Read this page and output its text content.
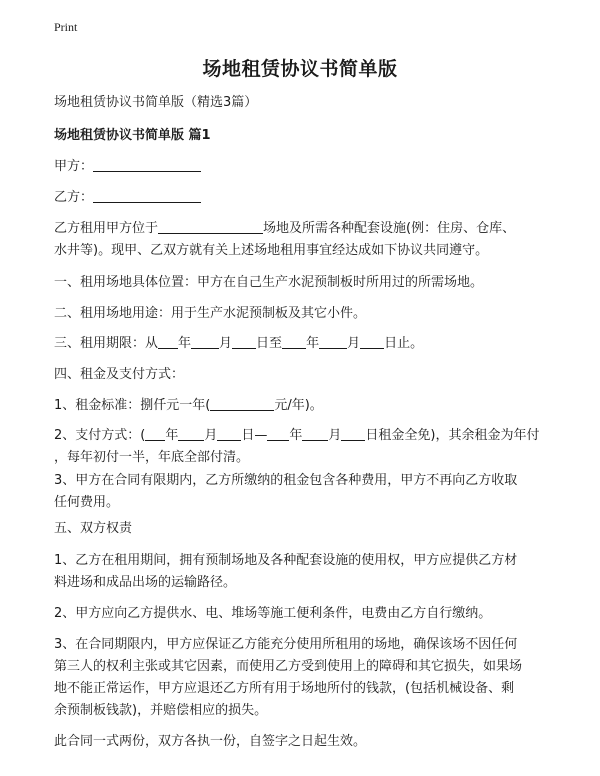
Print
场地租赁协议书简单版
场地租赁协议书简单版（精选3篇）
场地租赁协议书简单版 篇1
甲方：
乙方：
乙方租用甲方位于	场地及所需各种配套设施(例：住房、仓库、
水井等)。现甲、乙双方就有关上述场地租用事宜经达成如下协议共同遵守。
一、租用场地具体位置：甲方在自己生产水泥预制板时所用过的所需场地。
二、租用场地用途：用于生产水泥预制板及其它小件。
三、租用期限：从 年 月 日至 年 月 日止。
四、租金及支付方式：
1、租金标准：捌仟元一年(	元/年)。
2、支付方式：( 年 月 日— 年 月 日租金全免)，其余租金为年付
，每年初付一半，年底全部付清。
3、甲方在合同有限期内，乙方所缴纳的租金包含各种费用，甲方不再向乙方收取
任何费用。
五、双方权责
1、乙方在租用期间，拥有预制场地及各种配套设施的使用权，甲方应提供乙方材
料进场和成品出场的运输路径。
2、甲方应向乙方提供水、电、堆场等施工便利条件，电费由乙方自行缴纳。
3、在合同期限内，甲方应保证乙方能充分使用所租用的场地，确保该场不因任何
第三人的权利主张或其它因素，而使用乙方受到使用上的障碍和其它损失，如果场
地不能正常运作，甲方应退还乙方所有用于场地所付的钱款，(包括机械设备、剩
余预制板钱款)，并赔偿相应的损失。
此合同一式两份，双方各执一份，自签字之日起生效。
